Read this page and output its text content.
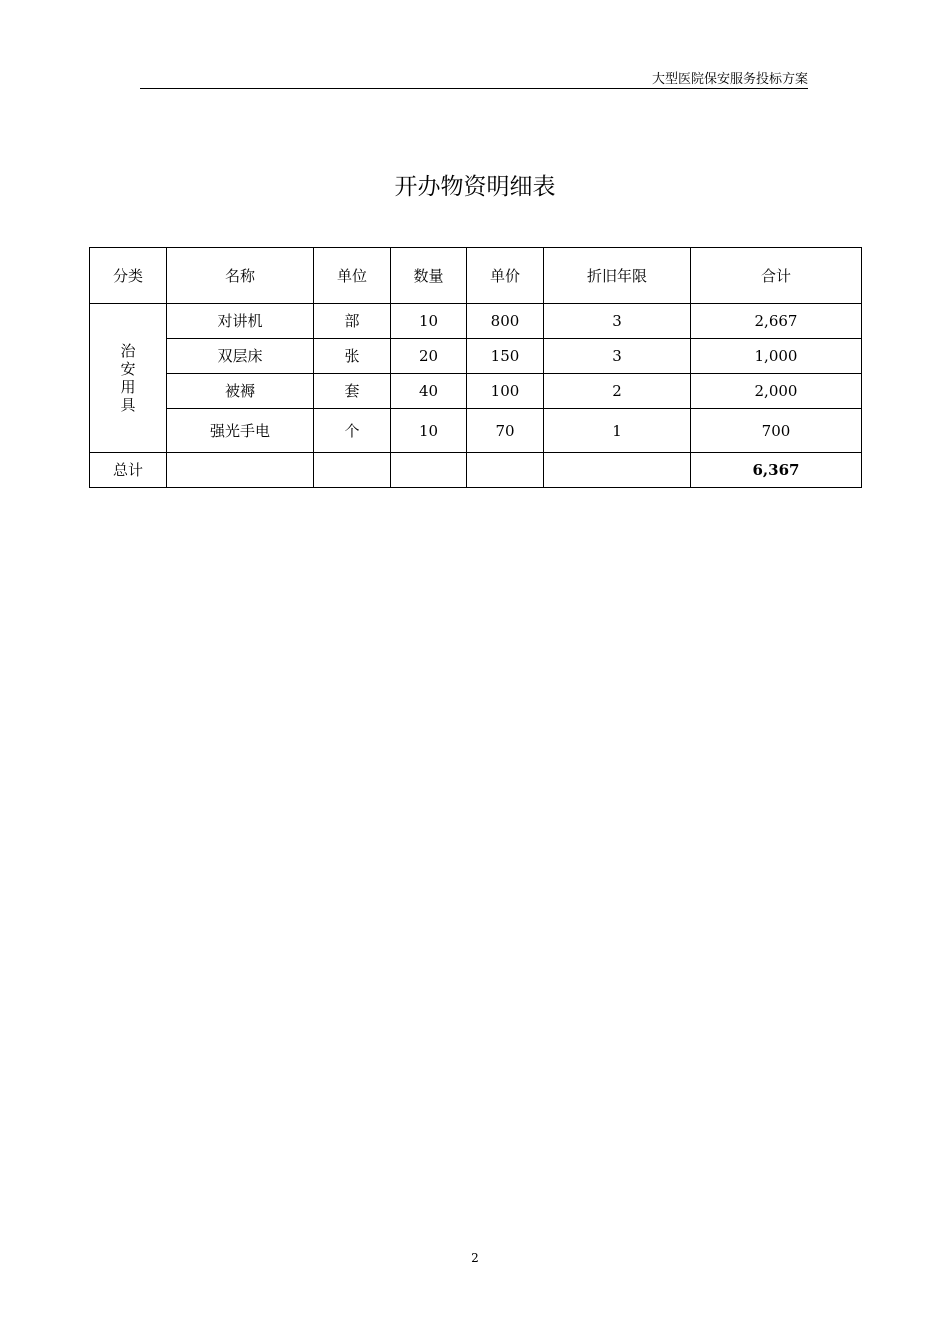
大型医院保安服务投标方案
开办物资明细表
分类	名称	单位	数量	单价	折旧年限	合计

治安用具	对讲机	部	10	800	3	2,667
	双层床	张	20	150	3	1,000
	被褥	套	40	100	2	2,000
	强光手电	个	10	70	1	700
总计						6,367
2
